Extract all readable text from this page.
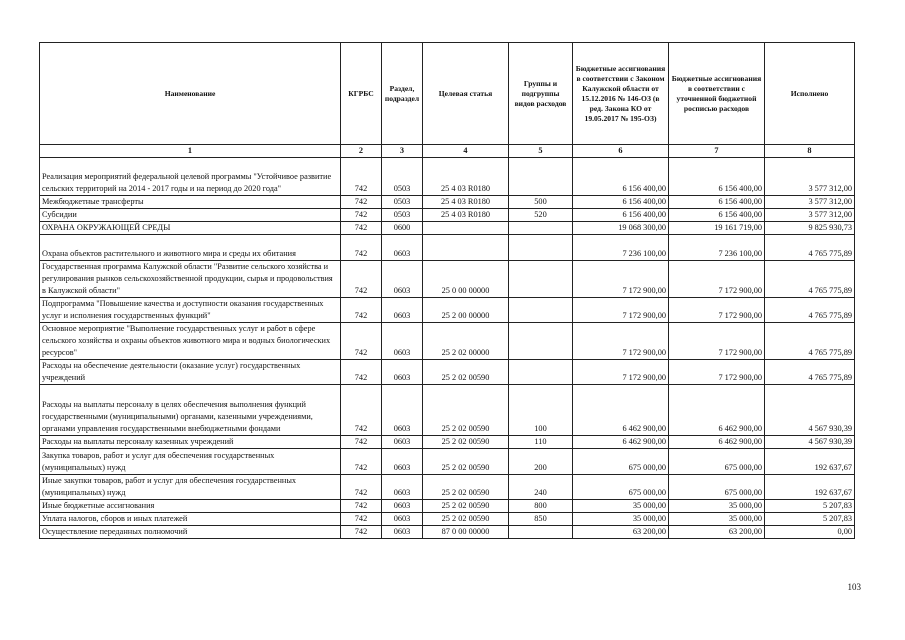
Наименование	КГРБС	Раздел, подраздел	Целевая статья	Группы и подгруппы видов расходов	Бюджетные ассигнования в соответствии с Законом Калужской области от 15.12.2016 № 146-ОЗ (в ред. Закона КО от 19.05.2017 № 195-ОЗ)	Бюджетные ассигнования в соответствии с уточненной бюджетной росписью расходов	Исполнено
1	2	3	4	5	6	7	8
Реализация мероприятий федеральной целевой программы "Устойчивое развитие сельских территорий на 2014 - 2017 годы и на период до 2020 года"	742	0503	25 4 03 R0180		6 156 400,00	6 156 400,00	3 577 312,00
Межбюджетные трансферты	742	0503	25 4 03 R0180	500	6 156 400,00	6 156 400,00	3 577 312,00
Субсидии	742	0503	25 4 03 R0180	520	6 156 400,00	6 156 400,00	3 577 312,00
ОХРАНА ОКРУЖАЮЩЕЙ СРЕДЫ	742	0600			19 068 300,00	19 161 719,00	9 825 930,73
Охрана объектов растительного и животного мира и среды их обитания	742	0603			7 236 100,00	7 236 100,00	4 765 775,89
Государственная программа Калужской области "Развитие сельского хозяйства и регулирования рынков сельскохозяйственной продукции, сырья и продовольствия в Калужской области"	742	0603	25 0 00 00000		7 172 900,00	7 172 900,00	4 765 775,89
Подпрограмма "Повышение качества и доступности оказания государственных услуг и исполнения государственных функций"	742	0603	25 2 00 00000		7 172 900,00	7 172 900,00	4 765 775,89
Основное мероприятие "Выполнение государственных услуг и работ в сфере сельского хозяйства и охраны объектов животного мира и водных биологических ресурсов"	742	0603	25 2 02 00000		7 172 900,00	7 172 900,00	4 765 775,89
Расходы на обеспечение деятельности (оказание услуг) государственных учреждений	742	0603	25 2 02 00590		7 172 900,00	7 172 900,00	4 765 775,89
Расходы на выплаты персоналу в целях обеспечения выполнения функций государственными (муниципальными) органами, казенными учреждениями, органами управления государственными внебюджетными фондами	742	0603	25 2 02 00590	100	6 462 900,00	6 462 900,00	4 567 930,39
Расходы на выплаты персоналу казенных учреждений	742	0603	25 2 02 00590	110	6 462 900,00	6 462 900,00	4 567 930,39
Закупка товаров, работ и услуг для обеспечения государственных (муниципальных) нужд	742	0603	25 2 02 00590	200	675 000,00	675 000,00	192 637,67
Иные закупки товаров, работ и услуг для обеспечения государственных (муниципальных) нужд	742	0603	25 2 02 00590	240	675 000,00	675 000,00	192 637,67
Иные бюджетные ассигнования	742	0603	25 2 02 00590	800	35 000,00	35 000,00	5 207,83
Уплата налогов, сборов и иных платежей	742	0603	25 2 02 00590	850	35 000,00	35 000,00	5 207,83
Осуществление переданных полномочий	742	0603	87 0 00 00000		63 200,00	63 200,00	0,00
103
